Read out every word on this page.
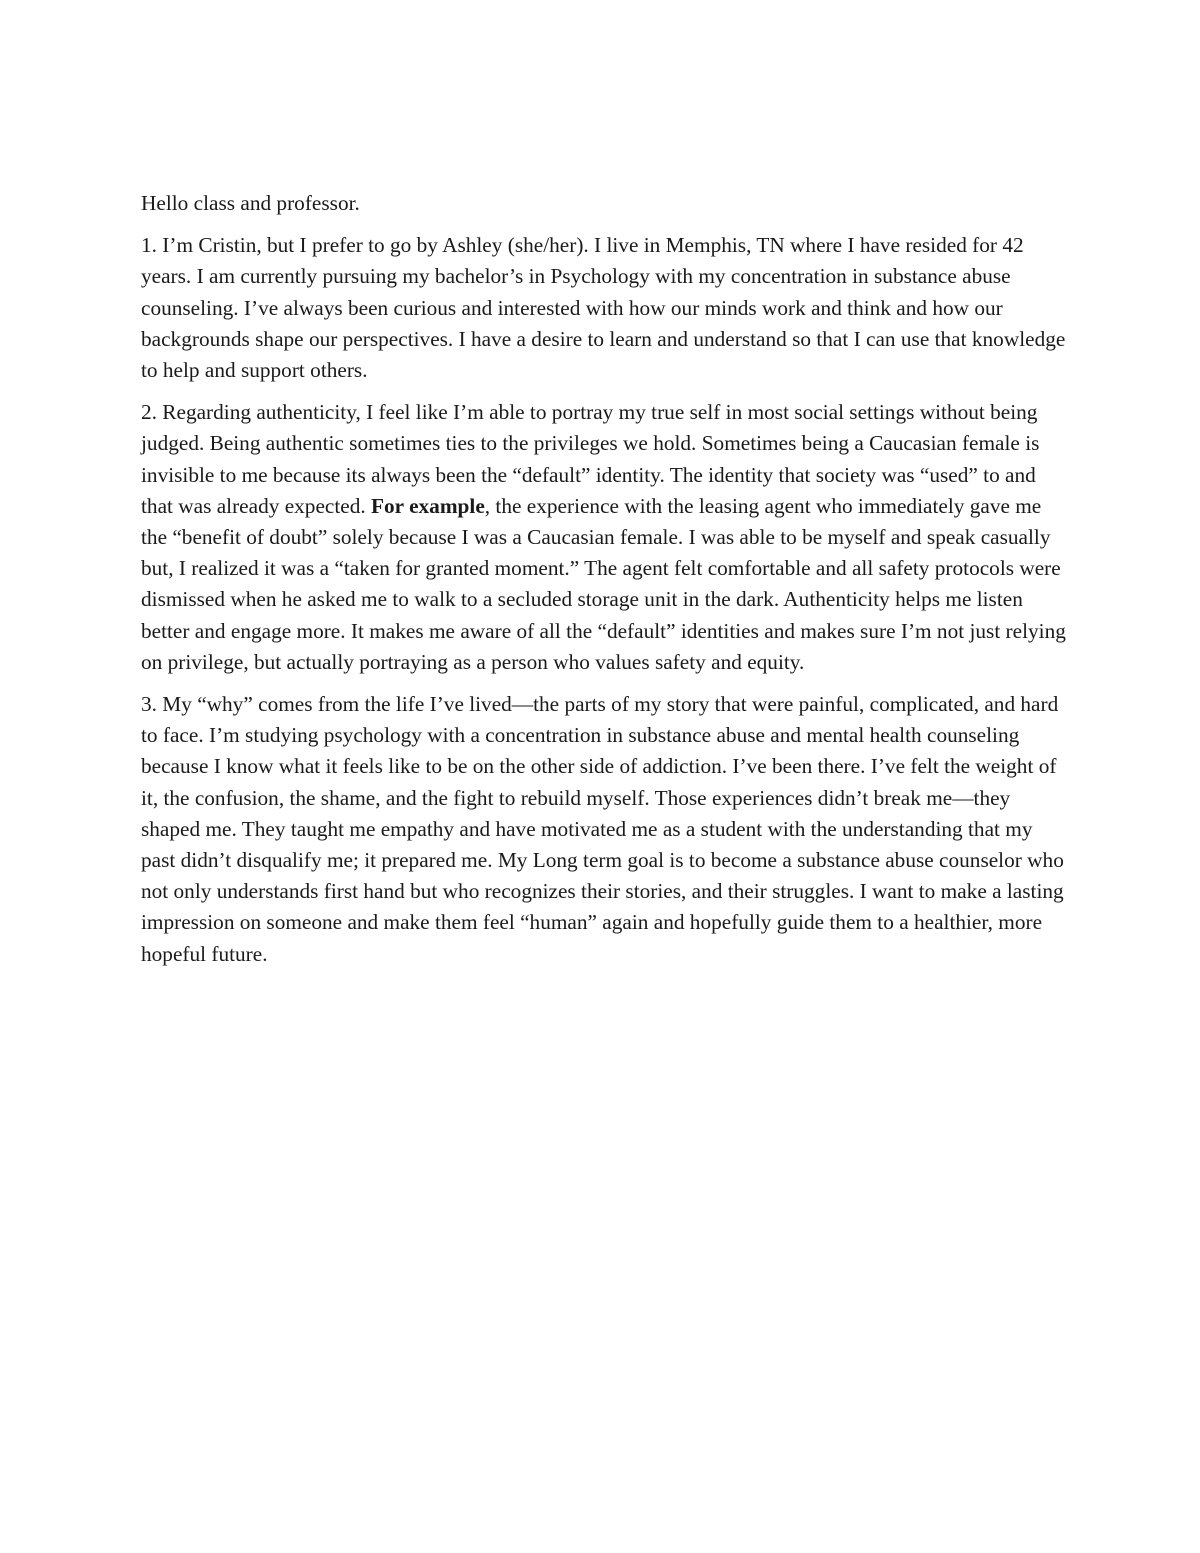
Hello class and professor.

1. I’m Cristin, but I prefer to go by Ashley (she/her). I live in Memphis, TN where I have resided for 42 years. I am currently pursuing my bachelor’s in Psychology with my concentration in substance abuse counseling. I’ve always been curious and interested with how our minds work and think and how our backgrounds shape our perspectives. I have a desire to learn and understand so that I can use that knowledge to help and support others.

2. Regarding authenticity, I feel like I’m able to portray my true self in most social settings without being judged. Being authentic sometimes ties to the privileges we hold. Sometimes being a Caucasian female is invisible to me because its always been the “default” identity. The identity that society was “used” to and that was already expected. For example, the experience with the leasing agent who immediately gave me the “benefit of doubt” solely because I was a Caucasian female. I was able to be myself and speak casually but, I realized it was a “taken for granted moment.” The agent felt comfortable and all safety protocols were dismissed when he asked me to walk to a secluded storage unit in the dark. Authenticity helps me listen better and engage more. It makes me aware of all the “default” identities and makes sure I’m not just relying on privilege, but actually portraying as a person who values safety and equity.

3. My “why” comes from the life I’ve lived—the parts of my story that were painful, complicated, and hard to face. I’m studying psychology with a concentration in substance abuse and mental health counseling because I know what it feels like to be on the other side of addiction. I’ve been there. I’ve felt the weight of it, the confusion, the shame, and the fight to rebuild myself. Those experiences didn’t break me—they shaped me. They taught me empathy and have motivated me as a student with the understanding that my past didn’t disqualify me; it prepared me. My Long term goal is to become a substance abuse counselor who not only understands first hand but who recognizes their stories, and their struggles. I want to make a lasting impression on someone and make them feel “human” again and hopefully guide them to a healthier, more hopeful future.
